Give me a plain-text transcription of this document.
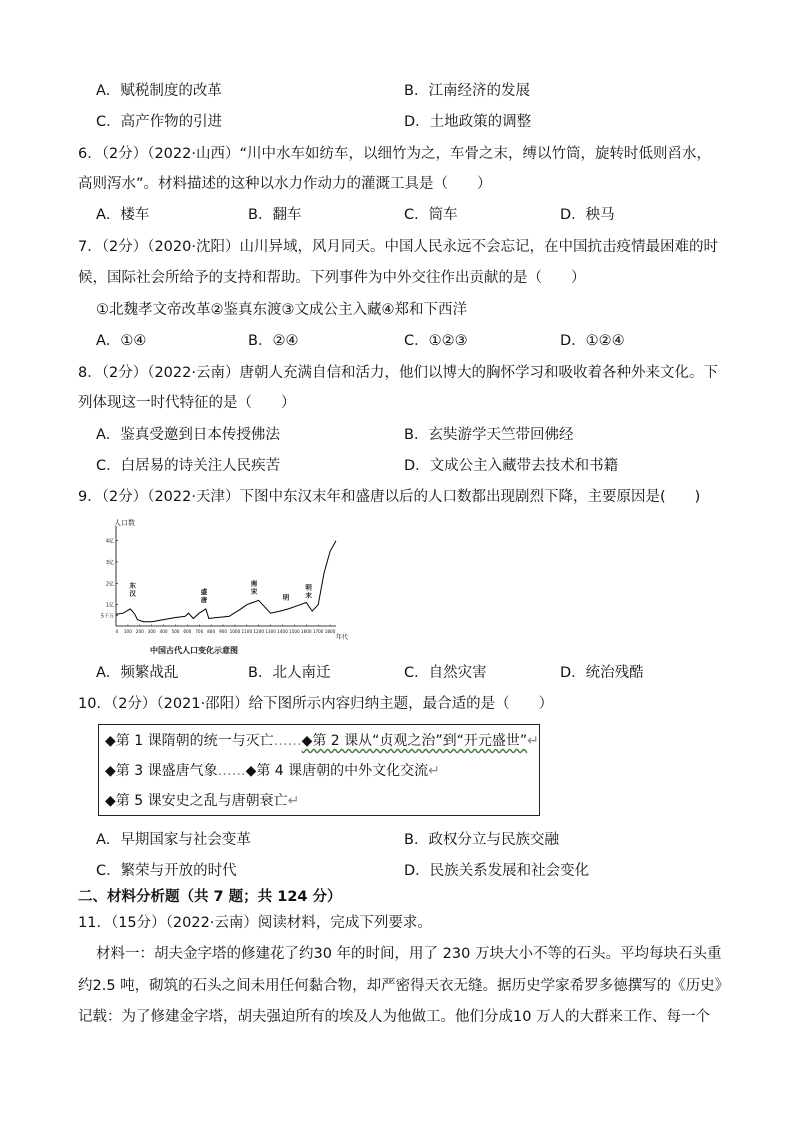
A．赋税制度的改革	B．江南经济的发展
C．高产作物的引进	D．土地政策的调整
6．（2分）（2022·山西）“川中水车如纺车，以细竹为之，车骨之末，缚以竹筒，旋转时低则舀水，
高则泻水”。材料描述的这种以水力作动力的灌溉工具是（　　）
A．楼车	B．翻车	C．筒车	D．秧马
7．（2分）（2020·沈阳）山川异域，风月同天。中国人民永远不会忘记，在中国抗击疫情最困难的时
候，国际社会所给予的支持和帮助。下列事件为中外交往作出贡献的是（　　）
①北魏孝文帝改革②鉴真东渡③文成公主入藏④郑和下西洋
A．①④	B．②④	C．①②③	D．①②④
8．（2分）（2022·云南）唐朝人充满自信和活力，他们以博大的胸怀学习和吸收着各种外来文化。下
列体现这一时代特征的是（　　）
A．鉴真受邀到日本传授佛法	B．玄奘游学天竺带回佛经
C．白居易的诗关注人民疾苦	D．文成公主入藏带去技术和书籍
9．（2分）（2022·天津）下图中东汉末年和盛唐以后的人口数都出现剧烈下降，主要原因是(　　)
5千万
1亿
2亿
3亿
4亿
0 100 200 300 400 500 600 700 800 900 1000 1100 1200 1300 1400 1500 1600 1700 1800
东
汉	盛
唐
南
宋
明
明
末
人口数
年代
中国古代人口变化示意图
A．频繁战乱	B．北人南迁	C．自然灾害	D．统治残酷
10．（2分）（2021·邵阳）给下图所示内容归纳主题，最合适的是（　　）
◆第 1 课隋朝的统一与灭亡……◆第 2 课从“贞观之治”到“开元盛世”↵
◆第 3 课盛唐气象……◆第 4 课唐朝的中外文化交流↵
◆第 5 课安史之乱与唐朝衰亡↵
A．早期国家与社会变革	B．政权分立与民族交融
C．繁荣与开放的时代	D．民族关系发展和社会变化
二、材料分析题（共 7 题；共 124 分）
11．（15分）（2022·云南）阅读材料，完成下列要求。
材料一：胡夫金字塔的修建花了约30 年的时间，用了 230 万块大小不等的石头。平均每块石头重
约2.5 吨，砌筑的石头之间未用任何黏合物，却严密得天衣无缝。据历史学家希罗多德撰写的《历史》
记载：为了修建金字塔，胡夫强迫所有的埃及人为他做工。他们分成10 万人的大群来工作、每一个
